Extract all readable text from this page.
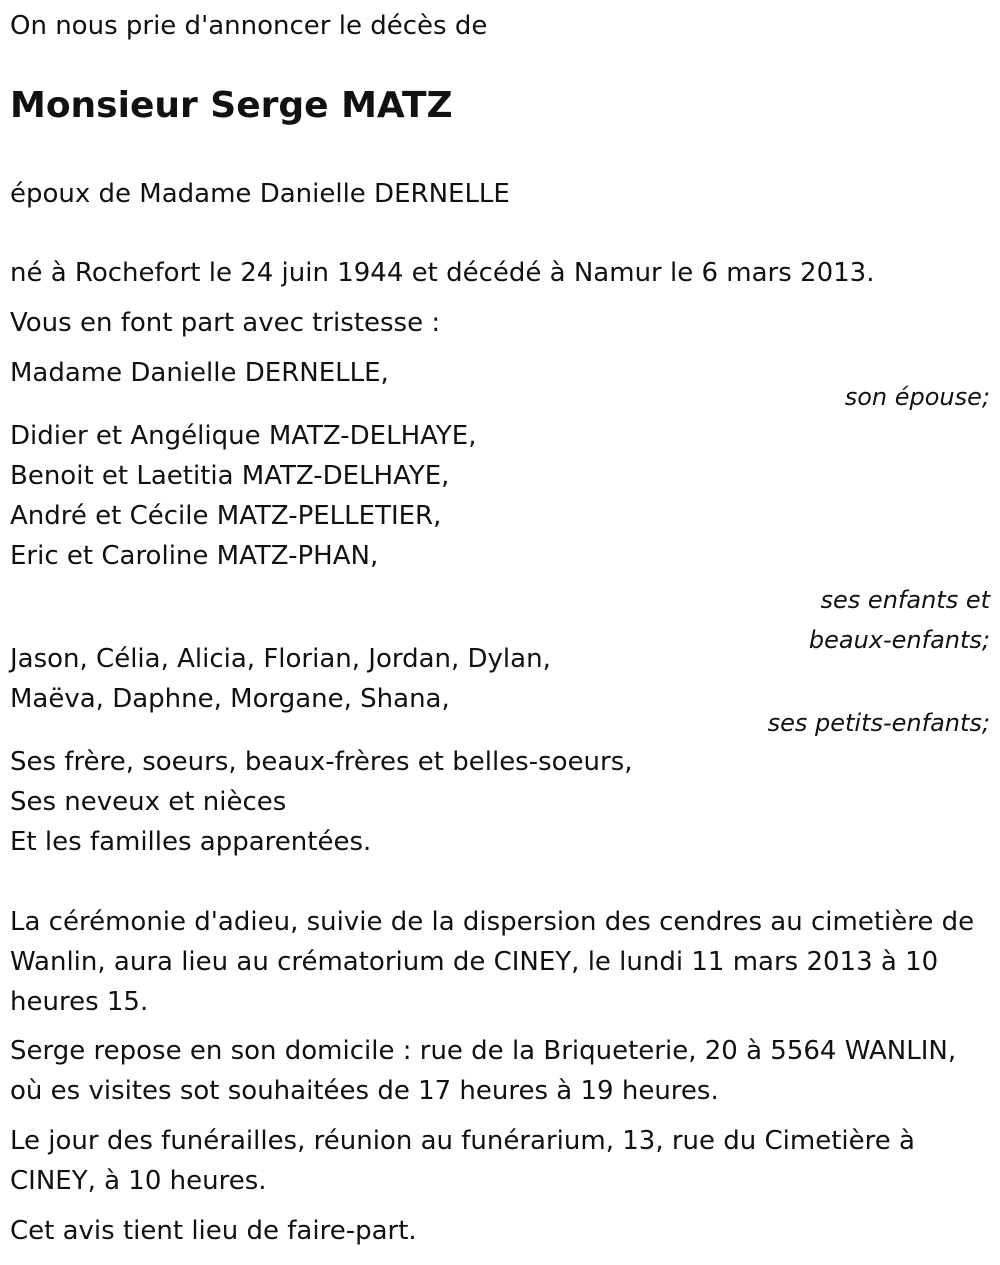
On nous prie d'annoncer le décès de

Monsieur Serge MATZ

époux de Madame Danielle DERNELLE

né à Rochefort le 24 juin 1944 et décédé à Namur le 6 mars 2013.

Vous en font part avec tristesse :

Madame Danielle DERNELLE,

son épouse;

Didier et Angélique MATZ-DELHAYE,

Benoit et Laetitia MATZ-DELHAYE,

André et Cécile MATZ-PELLETIER,

Eric et Caroline MATZ-PHAN,

ses enfants et

beaux-enfants;

Jason, Célia, Alicia, Florian, Jordan, Dylan,

Maëva, Daphne, Morgane, Shana,

ses petits-enfants;

Ses frère, soeurs, beaux-frères et belles-soeurs,

Ses neveux et nièces

Et les familles apparentées.

La cérémonie d'adieu, suivie de la dispersion des cendres au cimetière de Wanlin, aura lieu au crématorium de CINEY, le lundi 11 mars 2013 à 10 heures 15.

Serge repose en son domicile : rue de la Briqueterie, 20 à 5564 WANLIN, où es visites sot souhaitées de 17 heures à 19 heures.

Le jour des funérailles, réunion au funérarium, 13, rue du Cimetière à CINEY, à 10 heures.

Cet avis tient lieu de faire-part.
